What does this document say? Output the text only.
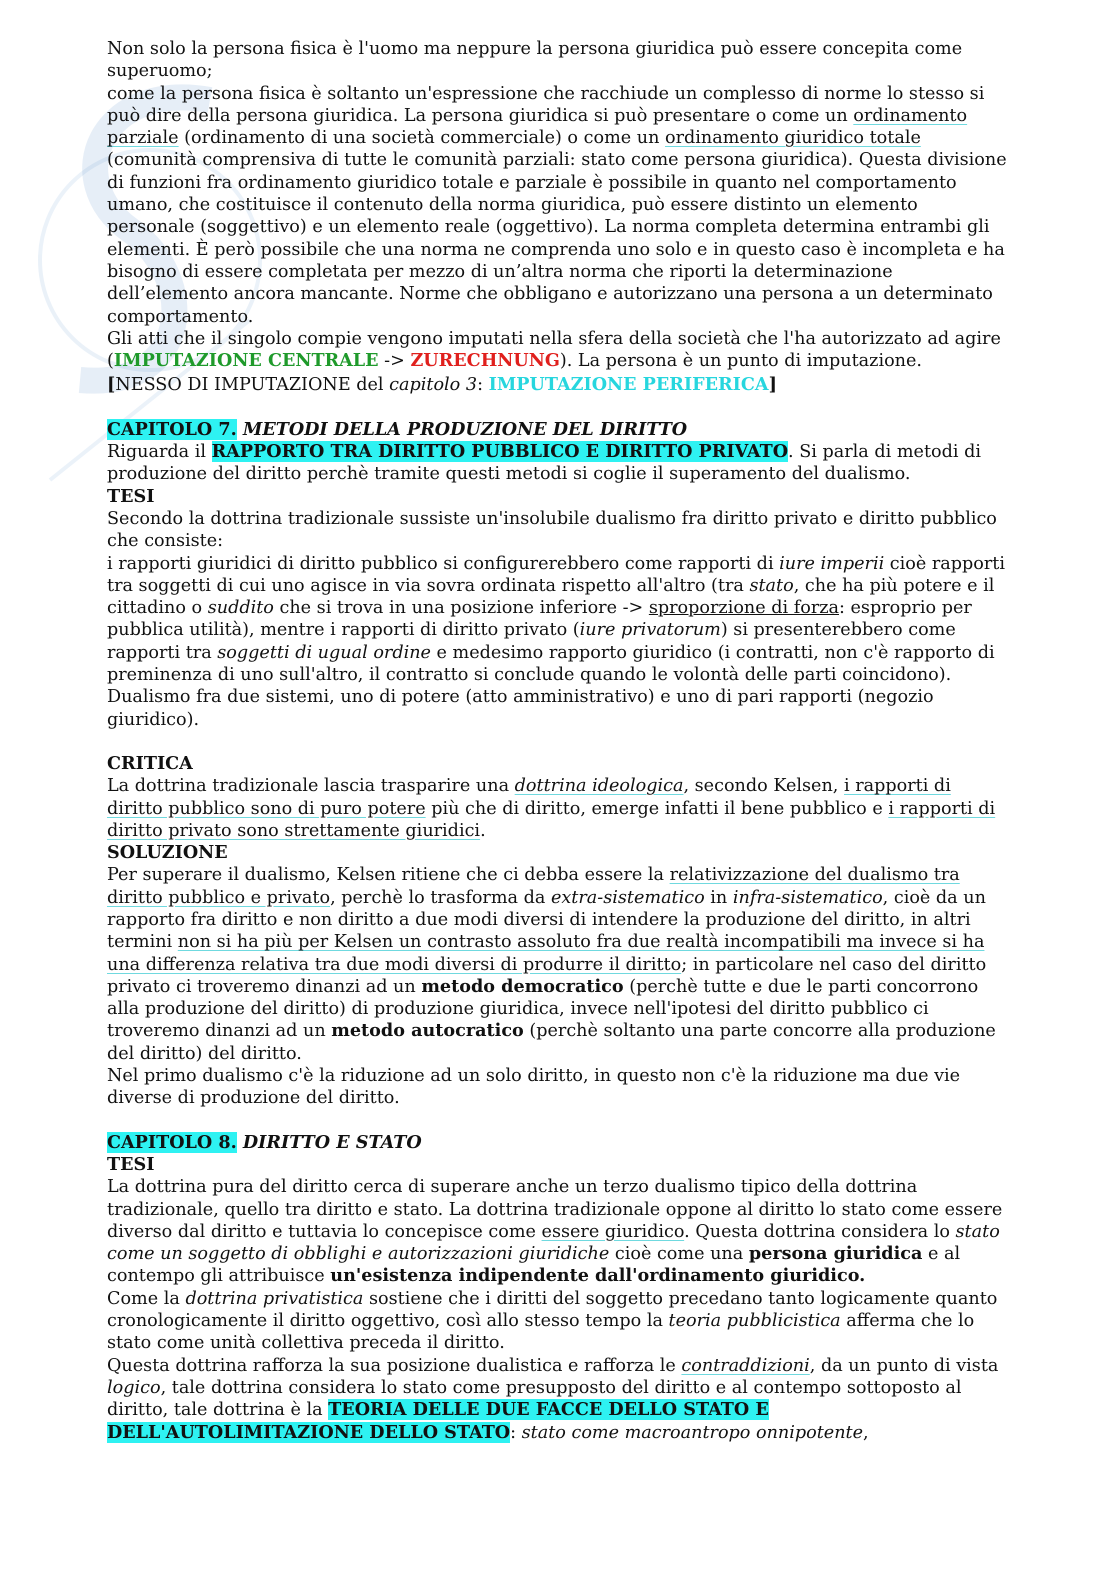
Non solo la persona fisica è l'uomo ma neppure la persona giuridica può essere concepita come superuomo;

come la persona fisica è soltanto un'espressione che racchiude un complesso di norme lo stesso si può dire della persona giuridica. La persona giuridica si può presentare o come un ordinamento parziale (ordinamento di una società commerciale) o come un ordinamento giuridico totale (comunità comprensiva di tutte le comunità parziali: stato come persona giuridica). Questa divisione di funzioni fra ordinamento giuridico totale e parziale è possibile in quanto nel comportamento umano, che costituisce il contenuto della norma giuridica, può essere distinto un elemento personale (soggettivo) e un elemento reale (oggettivo). La norma completa determina entrambi gli elementi. È però possibile che una norma ne comprenda uno solo e in questo caso è incompleta e ha bisogno di essere completata per mezzo di un’altra norma che riporti la determinazione dell’elemento ancora mancante. Norme che obbligano e autorizzano una persona a un determinato comportamento.

Gli atti che il singolo compie vengono imputati nella sfera della società che l'ha autorizzato ad agire (IMPUTAZIONE CENTRALE -> ZURECHNUNG). La persona è un punto di imputazione.

[NESSO DI IMPUTAZIONE del capitolo 3: IMPUTAZIONE PERIFERICA]

CAPITOLO 7. METODI DELLA PRODUZIONE DEL DIRITTO

Riguarda il RAPPORTO TRA DIRITTO PUBBLICO E DIRITTO PRIVATO. Si parla di metodi di produzione del diritto perchè tramite questi metodi si coglie il superamento del dualismo.

TESI

Secondo la dottrina tradizionale sussiste un'insolubile dualismo fra diritto privato e diritto pubblico che consiste:

i rapporti giuridici di diritto pubblico si configurerebbero come rapporti di iure imperii cioè rapporti tra soggetti di cui uno agisce in via sovra ordinata rispetto all'altro (tra stato, che ha più potere e il cittadino o suddito che si trova in una posizione inferiore -> sproporzione di forza: esproprio per pubblica utilità), mentre i rapporti di diritto privato (iure privatorum) si presenterebbero come rapporti tra soggetti di ugual ordine e medesimo rapporto giuridico (i contratti, non c'è rapporto di preminenza di uno sull'altro, il contratto si conclude quando le volontà delle parti coincidono).

Dualismo fra due sistemi, uno di potere (atto amministrativo) e uno di pari rapporti (negozio giuridico).

CRITICA

La dottrina tradizionale lascia trasparire una dottrina ideologica, secondo Kelsen, i rapporti di diritto pubblico sono di puro potere più che di diritto, emerge infatti il bene pubblico e i rapporti di diritto privato sono strettamente giuridici.

SOLUZIONE

Per superare il dualismo, Kelsen ritiene che ci debba essere la relativizzazione del dualismo tra diritto pubblico e privato, perchè lo trasforma da extra-sistematico in infra-sistematico, cioè da un rapporto fra diritto e non diritto a due modi diversi di intendere la produzione del diritto, in altri termini non si ha più per Kelsen un contrasto assoluto fra due realtà incompatibili ma invece si ha una differenza relativa tra due modi diversi di produrre il diritto; in particolare nel caso del diritto privato ci troveremo dinanzi ad un metodo democratico (perchè tutte e due le parti concorrono alla produzione del diritto) di produzione giuridica, invece nell'ipotesi del diritto pubblico ci troveremo dinanzi ad un metodo autocratico (perchè soltanto una parte concorre alla produzione del diritto) del diritto.

Nel primo dualismo c'è la riduzione ad un solo diritto, in questo non c'è la riduzione ma due vie diverse di produzione del diritto.

CAPITOLO 8. DIRITTO E STATO

TESI

La dottrina pura del diritto cerca di superare anche un terzo dualismo tipico della dottrina tradizionale, quello tra diritto e stato. La dottrina tradizionale oppone al diritto lo stato come essere diverso dal diritto e tuttavia lo concepisce come essere giuridico. Questa dottrina considera lo stato come un soggetto di obblighi e autorizzazioni giuridiche cioè come una persona giuridica e al contempo gli attribuisce un'esistenza indipendente dall'ordinamento giuridico.

Come la dottrina privatistica sostiene che i diritti del soggetto precedano tanto logicamente quanto cronologicamente il diritto oggettivo, così allo stesso tempo la teoria pubblicistica afferma che lo stato come unità collettiva preceda il diritto.

Questa dottrina rafforza la sua posizione dualistica e rafforza le contraddizioni, da un punto di vista logico, tale dottrina considera lo stato come presupposto del diritto e al contempo sottoposto al diritto, tale dottrina è la TEORIA DELLE DUE FACCE DELLO STATO E DELL'AUTOLIMITAZIONE DELLO STATO: stato come macroantropo onnipotente,
